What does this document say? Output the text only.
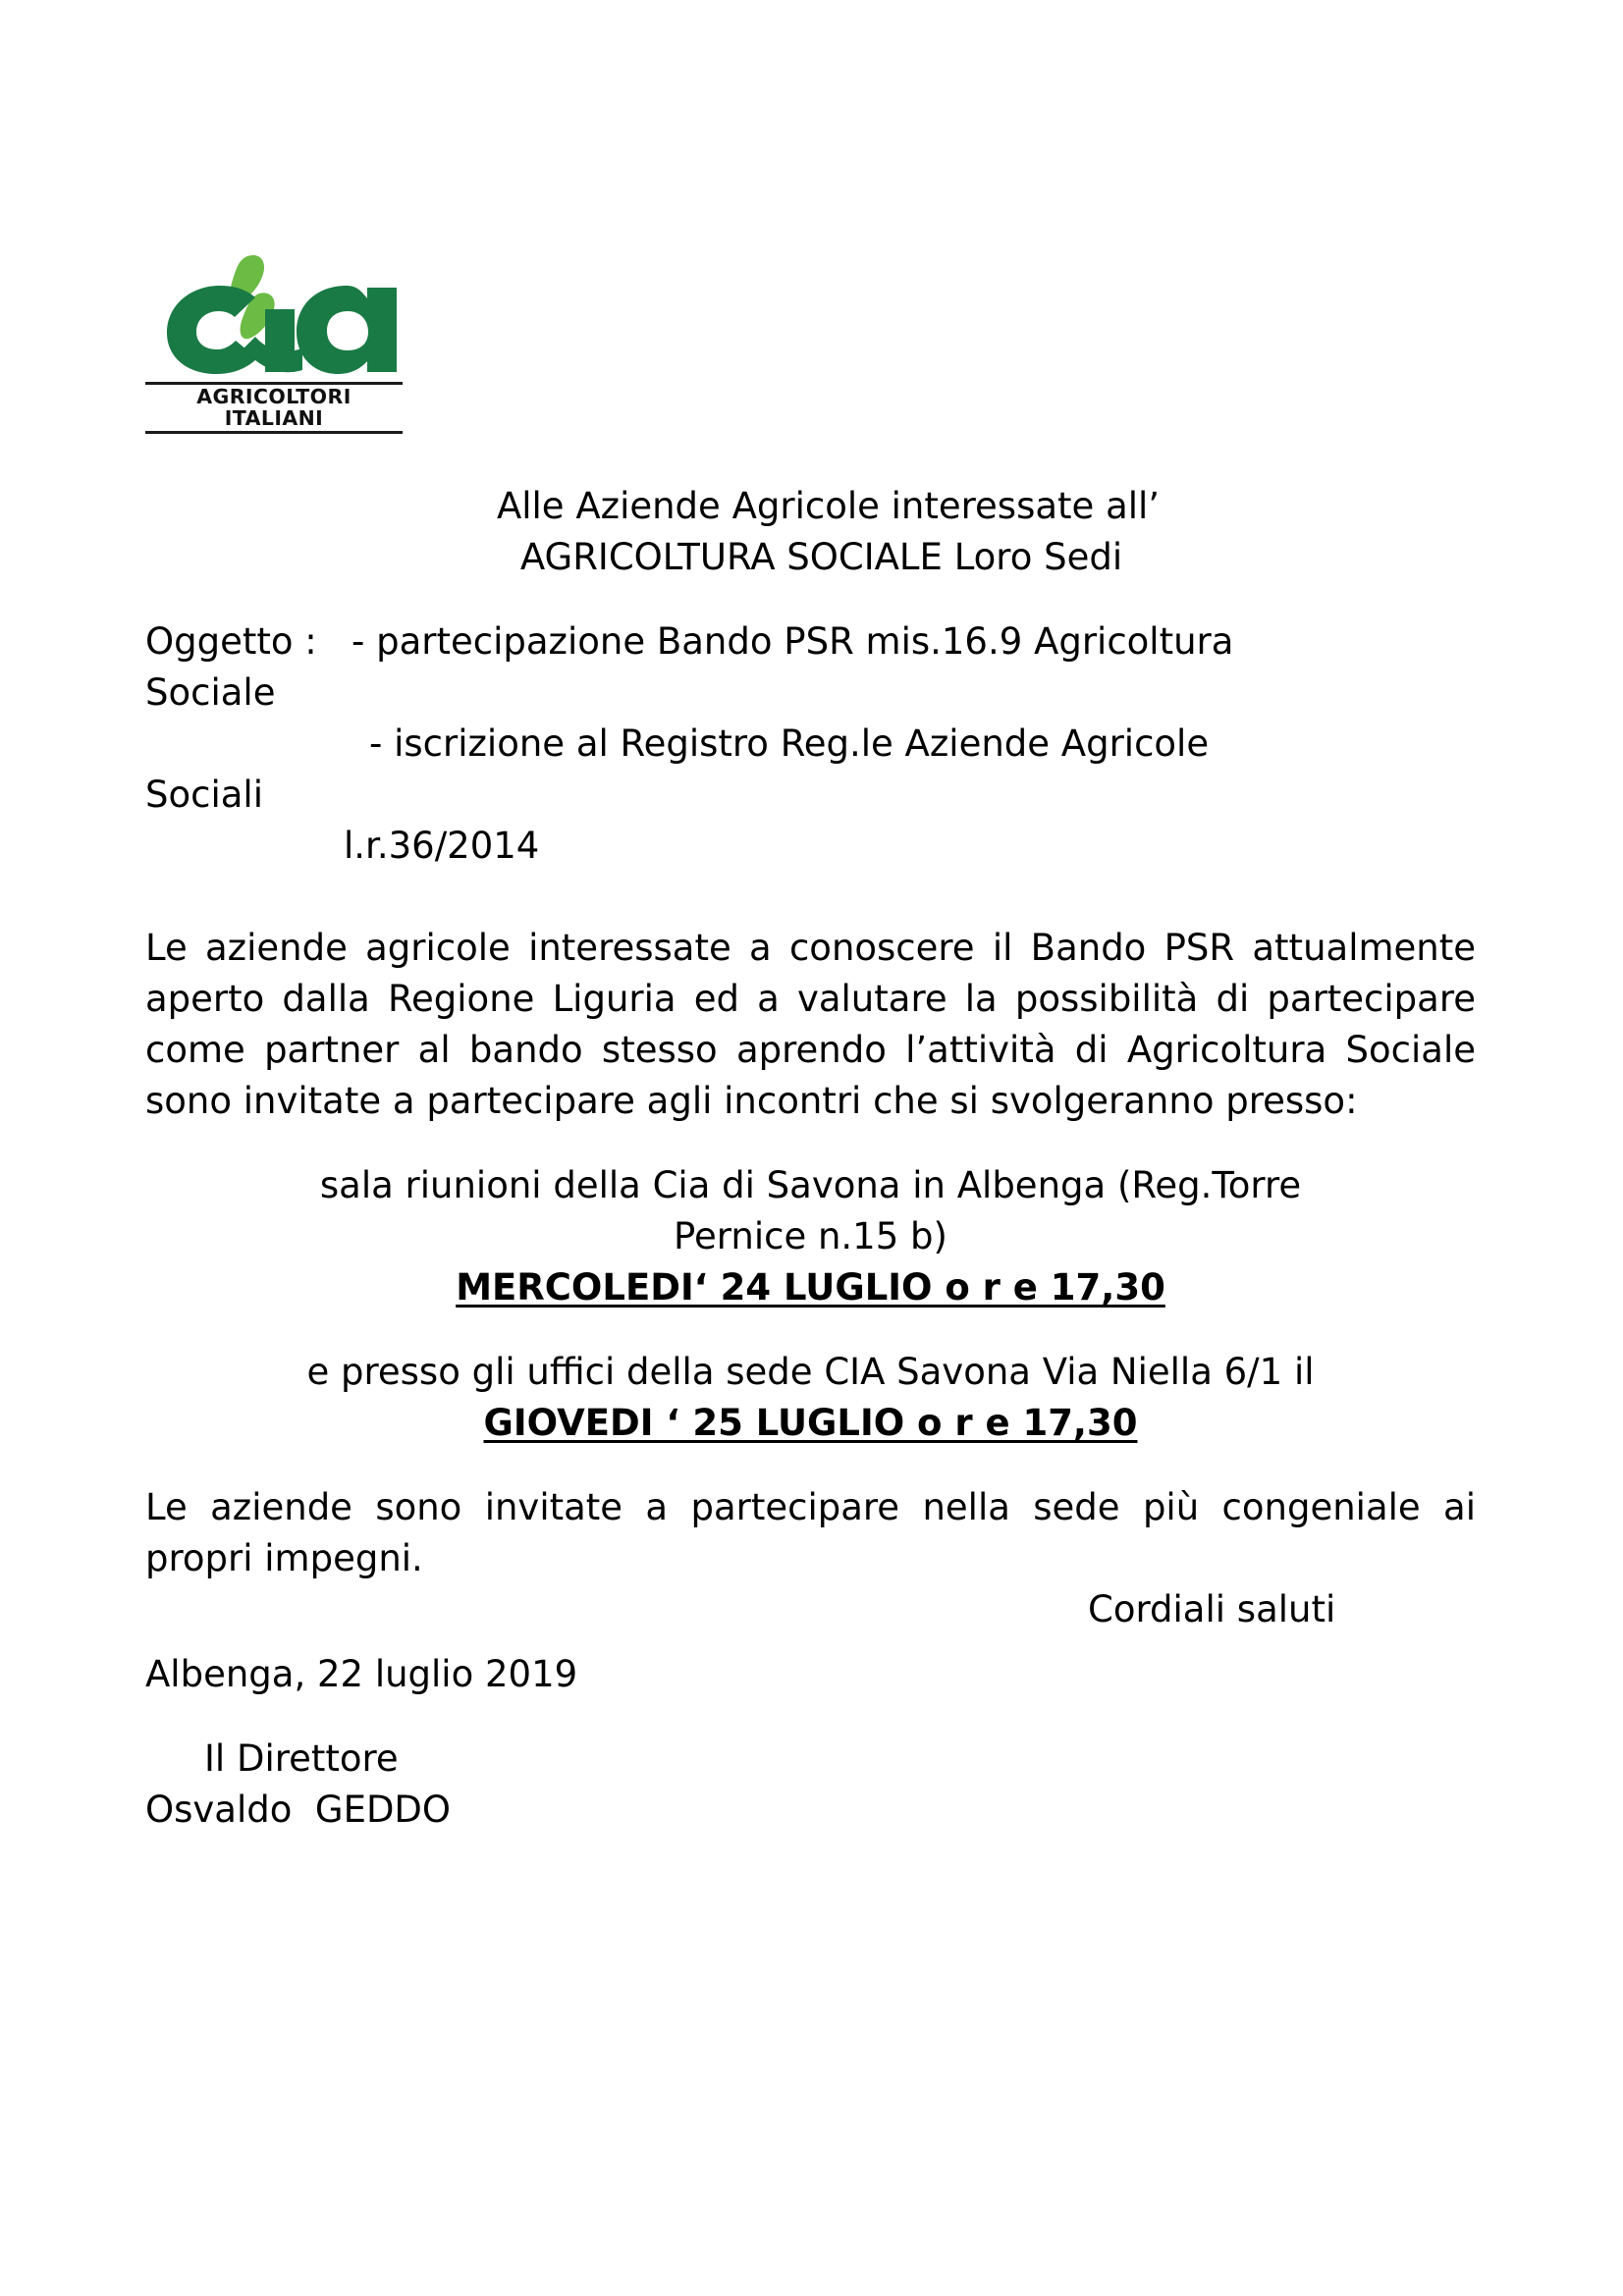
AGRICOLTORI ITALIANI
Alle Aziende Agricole interessate all’
AGRICOLTURA SOCIALE Loro Sedi
Oggetto :   - partecipazione Bando PSR mis.16.9 Agricoltura
Sociale
- iscrizione al Registro Reg.le Aziende Agricole
Sociali
l.r.36/2014
Le aziende agricole interessate a conoscere il Bando PSR attualmente aperto dalla Regione Liguria ed a valutare la possibilità di partecipare come partner al bando stesso aprendo l’attività di Agricoltura Sociale sono invitate a partecipare agli incontri che si svolgeranno presso:
sala riunioni della Cia di Savona in Albenga (Reg.Torre
Pernice n.15 b)
MERCOLEDI‘ 24 LUGLIO o r e 17,30
e presso gli uffici della sede CIA Savona Via Niella 6/1 il
GIOVEDI ‘ 25 LUGLIO o r e 17,30
Le aziende sono invitate a partecipare nella sede più congeniale ai propri impegni.
Cordiali saluti
Albenga, 22 luglio 2019
Il Direttore
Osvaldo  GEDDO
